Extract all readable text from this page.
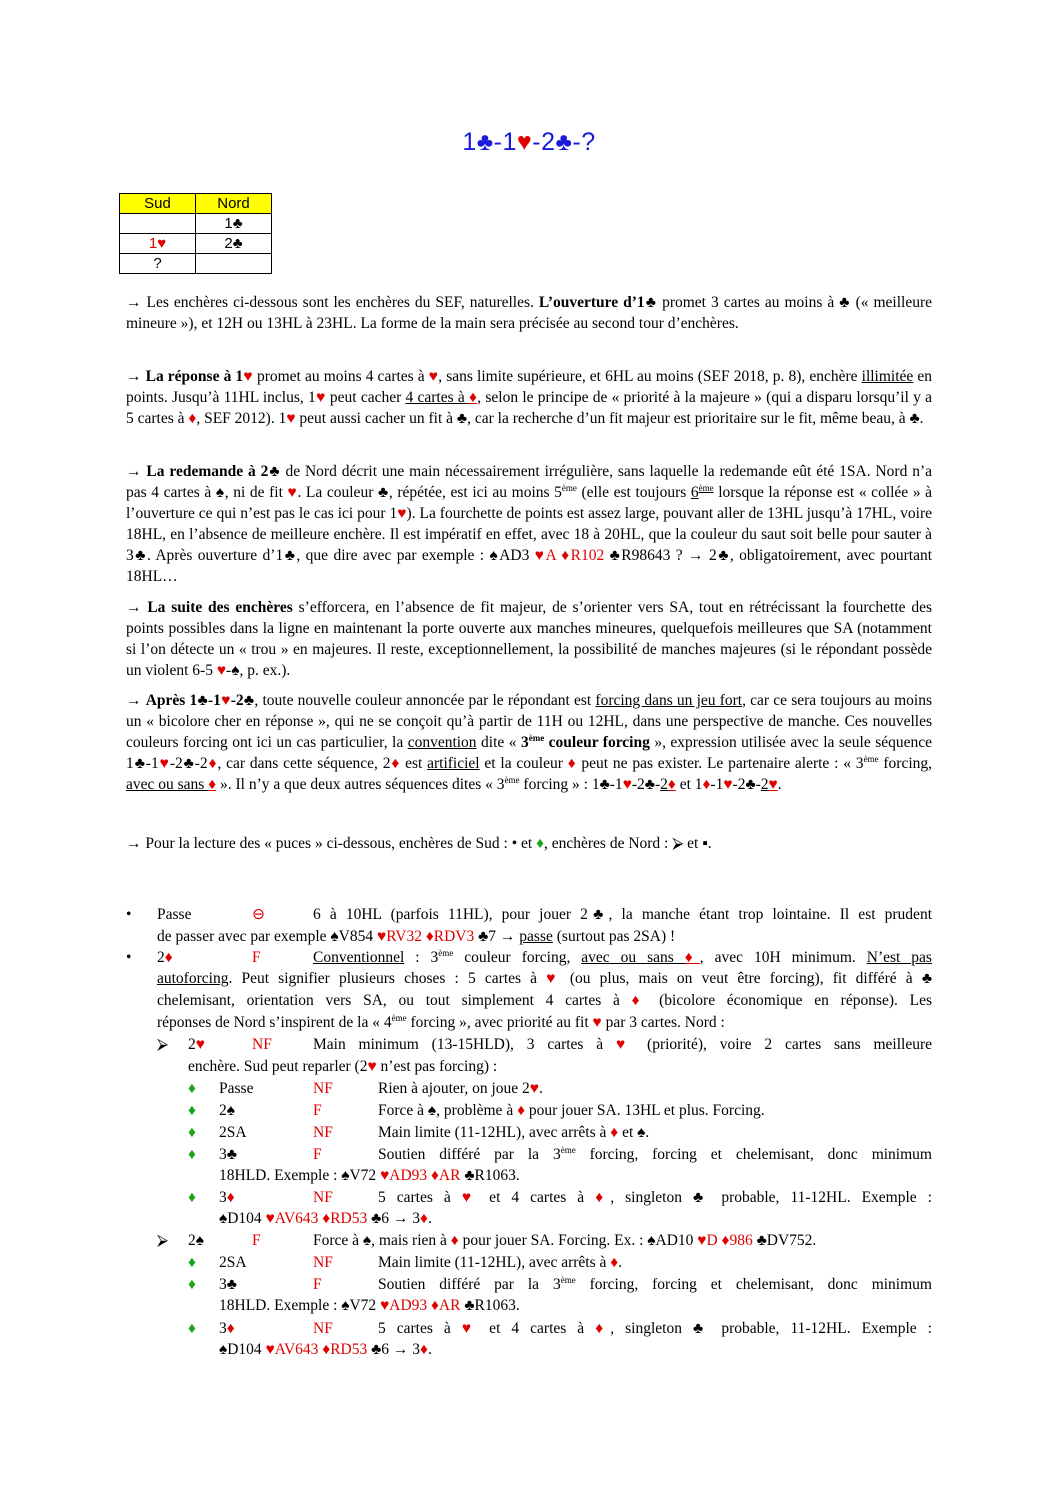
1♣-1♥-2♣-?
Sud	Nord
	1♣
1♥	2♣
?	
→ Les enchères ci-dessous sont les enchères du SEF, naturelles. L’ouverture d’1♣ promet 3 cartes au moins à ♣ (« meilleure mineure »), et 12H ou 13HL à 23HL. La forme de la main sera précisée au second tour d’enchères.
→ La réponse à 1♥ promet au moins 4 cartes à ♥, sans limite supérieure, et 6HL au moins (SEF 2018, p. 8), enchère illimitée en points. Jusqu’à 11HL inclus, 1♥ peut cacher 4 cartes à ♦, selon le principe de « priorité à la majeure » (qui a disparu lorsqu’il y a 5 cartes à ♦, SEF 2012). 1♥ peut aussi cacher un fit à ♣, car la recherche d’un fit majeur est prioritaire sur le fit, même beau, à ♣.
→ La redemande à 2♣ de Nord décrit une main nécessairement irrégulière, sans laquelle la redemande eût été 1SA. Nord n’a pas 4 cartes à ♠, ni de fit ♥. La couleur ♣, répétée, est ici au moins 5ème (elle est toujours 6ème lorsque la réponse est « collée » à l’ouverture ce qui n’est pas le cas ici pour 1♥). La fourchette de points est assez large, pouvant aller de 13HL jusqu’à 17HL, voire 18HL, en l’absence de meilleure enchère. Il est impératif en effet, avec 18 à 20HL, que la couleur du saut soit belle pour sauter à 3♣. Après ouverture d’1♣, que dire avec par exemple : ♠AD3 ♥A ♦R102 ♣R98643 ? → 2♣, obligatoirement, avec pourtant 18HL…
→ La suite des enchères s’efforcera, en l’absence de fit majeur, de s’orienter vers SA, tout en rétrécissant la fourchette des points possibles dans la ligne en maintenant la porte ouverte aux manches mineures, quelquefois meilleures que SA (notamment si l’on détecte un « trou » en majeures. Il reste, exceptionnellement, la possibilité de manches majeures (si le répondant possède un violent 6-5 ♥-♠, p. ex.).
→ Après 1♣-1♥-2♣, toute nouvelle couleur annoncée par le répondant est forcing dans un jeu fort, car ce sera toujours au moins un « bicolore cher en réponse », qui ne se conçoit qu’à partir de 11H ou 12HL, dans une perspective de manche. Ces nouvelles couleurs forcing ont ici un cas particulier, la convention dite « 3ème couleur forcing », expression utilisée avec la seule séquence 1♣-1♥-2♣-2♦, car dans cette séquence, 2♦ est artificiel et la couleur ♦ peut ne pas exister. Le partenaire alerte : « 3ème forcing, avec ou sans ♦ ». Il n’y a que deux autres séquences dites « 3ème forcing » : 1♣-1♥-2♣-2♦ et 1♦-1♥-2♣-2♥.
→ Pour la lecture des « puces » ci-dessous, enchères de Sud : • et ♦, enchères de Nord : ⮚ et ▪.
• Passe	⊖	6 à 10HL (parfois 11HL), pour jouer 2♣, la manche étant trop lointaine. Il est prudent
de passer avec par exemple ♠V854 ♥RV32 ♦RDV3 ♣7 → passe (surtout pas 2SA) !
• 2♦	F	Conventionnel : 3ème couleur forcing, avec ou sans ♦, avec 10H minimum. N’est pas
autoforcing. Peut signifier plusieurs choses : 5 cartes à ♥ (ou plus, mais on veut être forcing), fit différé à ♣
chelemisant, orientation vers SA, ou tout simplement 4 cartes à ♦ (bicolore économique en réponse). Les
réponses de Nord s’inspirent de la « 4ème forcing », avec priorité au fit ♥ par 3 cartes. Nord :
⮚ 2♥	NF	Main minimum (13-15HLD), 3 cartes à ♥ (priorité), voire 2 cartes sans meilleure
enchère. Sud peut reparler (2♥ n’est pas forcing) :
♦ Passe	NF	Rien à ajouter, on joue 2♥.
♦ 2♠	F	Force à ♠, problème à ♦ pour jouer SA. 13HL et plus. Forcing.
♦ 2SA	NF	Main limite (11-12HL), avec arrêts à ♦ et ♠.
♦ 3♣	F	Soutien différé par la 3ème forcing, forcing et chelemisant, donc minimum
18HLD. Exemple : ♠V72 ♥AD93 ♦AR ♣R1063.
♦ 3♦	NF	5 cartes à ♥ et 4 cartes à ♦, singleton ♣ probable, 11-12HL. Exemple :
♠D104 ♥AV643 ♦RD53 ♣6 → 3♦.
⮚ 2♠	F	Force à ♠, mais rien à ♦ pour jouer SA. Forcing. Ex. : ♠AD10 ♥D ♦986 ♣DV752.
♦ 2SA	NF	Main limite (11-12HL), avec arrêts à ♦.
♦ 3♣	F	Soutien différé par la 3ème forcing, forcing et chelemisant, donc minimum
18HLD. Exemple : ♠V72 ♥AD93 ♦AR ♣R1063.
♦ 3♦	NF	5 cartes à ♥ et 4 cartes à ♦, singleton ♣ probable, 11-12HL. Exemple :
♠D104 ♥AV643 ♦RD53 ♣6 → 3♦.
